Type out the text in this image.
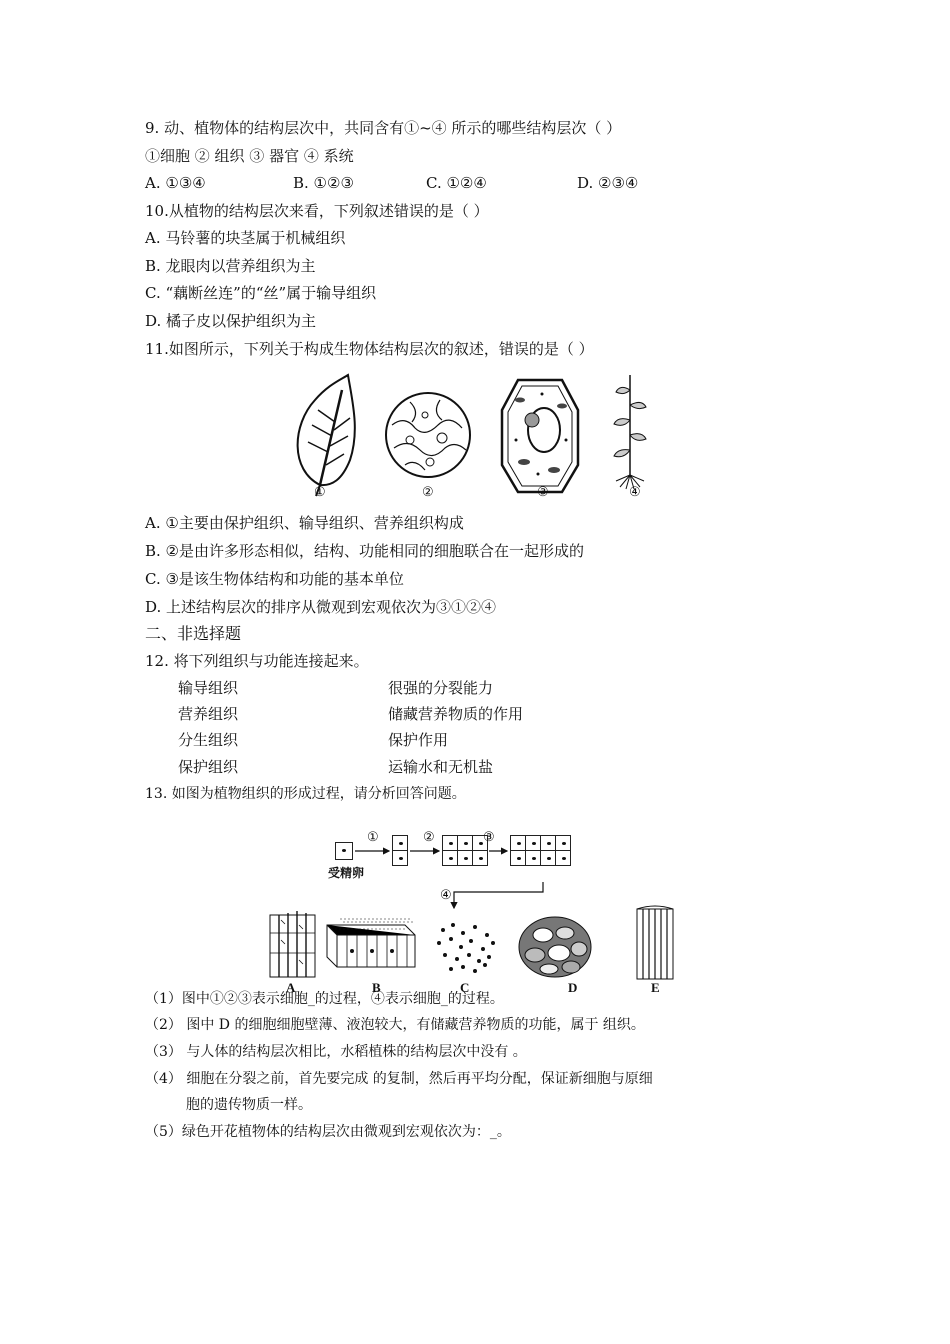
9. 动、植物体的结构层次中，共同含有①~④ 所示的哪些结构层次（ ）
①细胞 ② 组织 ③ 器官 ④ 系统
A. ①③④	B. ①②③	C. ①②④	D. ②③④
10.从植物的结构层次来看，下列叙述错误的是（ ）
A. 马铃薯的块茎属于机械组织
B. 龙眼肉以营养组织为主
C. “藕断丝连”的“丝”属于输导组织
D. 橘子皮以保护组织为主
11.如图所示，下列关于构成生物体结构层次的叙述，错误的是（ ）
①	②	③	④
A. ①主要由保护组织、输导组织、营养组织构成
B. ②是由许多形态相似，结构、功能相同的细胞联合在一起形成的
C. ③是该生物体结构和功能的基本单位
D. 上述结构层次的排序从微观到宏观依次为③①②④
二、非选择题
12. 将下列组织与功能连接起来。
输导组织	很强的分裂能力
营养组织	储藏营养物质的作用
分生组织	保护作用
保护组织	运输水和无机盐
13. 如图为植物组织的形成过程，请分析回答问题。
①	②	③
④
受精卵
A	B	C	D	E
（1）图中①②③表示细胞_的过程，④表示细胞_的过程。
（2） 图中 D 的细胞细胞壁薄、液泡较大，有储藏营养物质的功能，属于 组织。
（3） 与人体的结构层次相比，水稻植株的结构层次中没有 。
（4） 细胞在分裂之前，首先要完成 的复制，然后再平均分配，保证新细胞与原细
胞的遗传物质一样。
（5）绿色开花植物体的结构层次由微观到宏观依次为：_。
